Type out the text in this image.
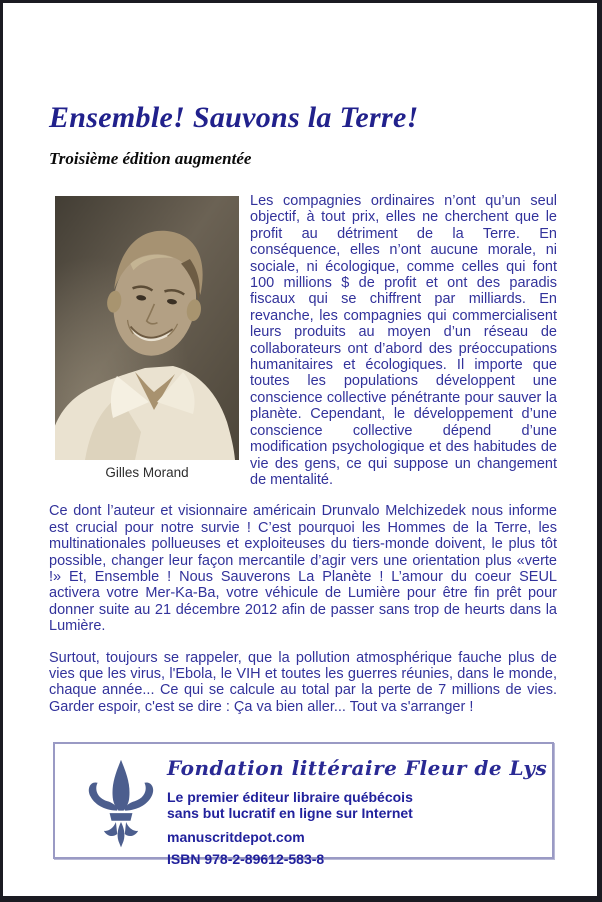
Ensemble! Sauvons la Terre!
Troisième édition augmentée
Gilles Morand

Les compagnies ordinaires n’ont qu’un seul objectif, à tout prix, elles ne cherchent que le profit au détriment de la Terre. En conséquence, elles n’ont aucune morale, ni sociale, ni écologique, comme celles qui font 100 millions $ de profit et ont des paradis fiscaux qui se chiffrent par milliards. En revanche, les compagnies qui commercialisent leurs produits au moyen d’un réseau de collaborateurs ont d’abord des préoccupations humanitaires et écologiques. Il importe que toutes les populations développent une conscience collective pénétrante pour sauver la planète. Cependant, le développement d’une conscience collective dépend d’une modification psychologique et des habitudes de vie des gens, ce qui suppose un changement de mentalité.

Ce dont l’auteur et visionnaire américain Drunvalo Melchizedek nous informe est crucial pour notre survie ! C’est pourquoi les Hommes de la Terre, les multinationales pollueuses et exploiteuses du tiers-monde doivent, le plus tôt possible, changer leur façon mercantile d’agir vers une orientation plus «verte !» Et, Ensemble ! Nous Sauverons La Planète ! L’amour du coeur SEUL activera votre Mer-Ka-Ba, votre véhicule de Lumière pour être fin prêt pour donner suite au 21 décembre 2012 afin de passer sans trop de heurts dans la Lumière.

Surtout, toujours se rappeler, que la pollution atmosphérique fauche plus de vies que les virus, l'Ebola, le VIH et toutes les guerres réunies, dans le monde, chaque année... Ce qui se calcule au total par la perte de 7 millions de vies. Garder espoir, c'est se dire : Ça va bien aller... Tout va s'arranger !

Fondation littéraire Fleur de Lys
Le premier éditeur libraire québécois
sans but lucratif en ligne sur Internet
manuscritdepot.com
ISBN 978-2-89612-583-8
